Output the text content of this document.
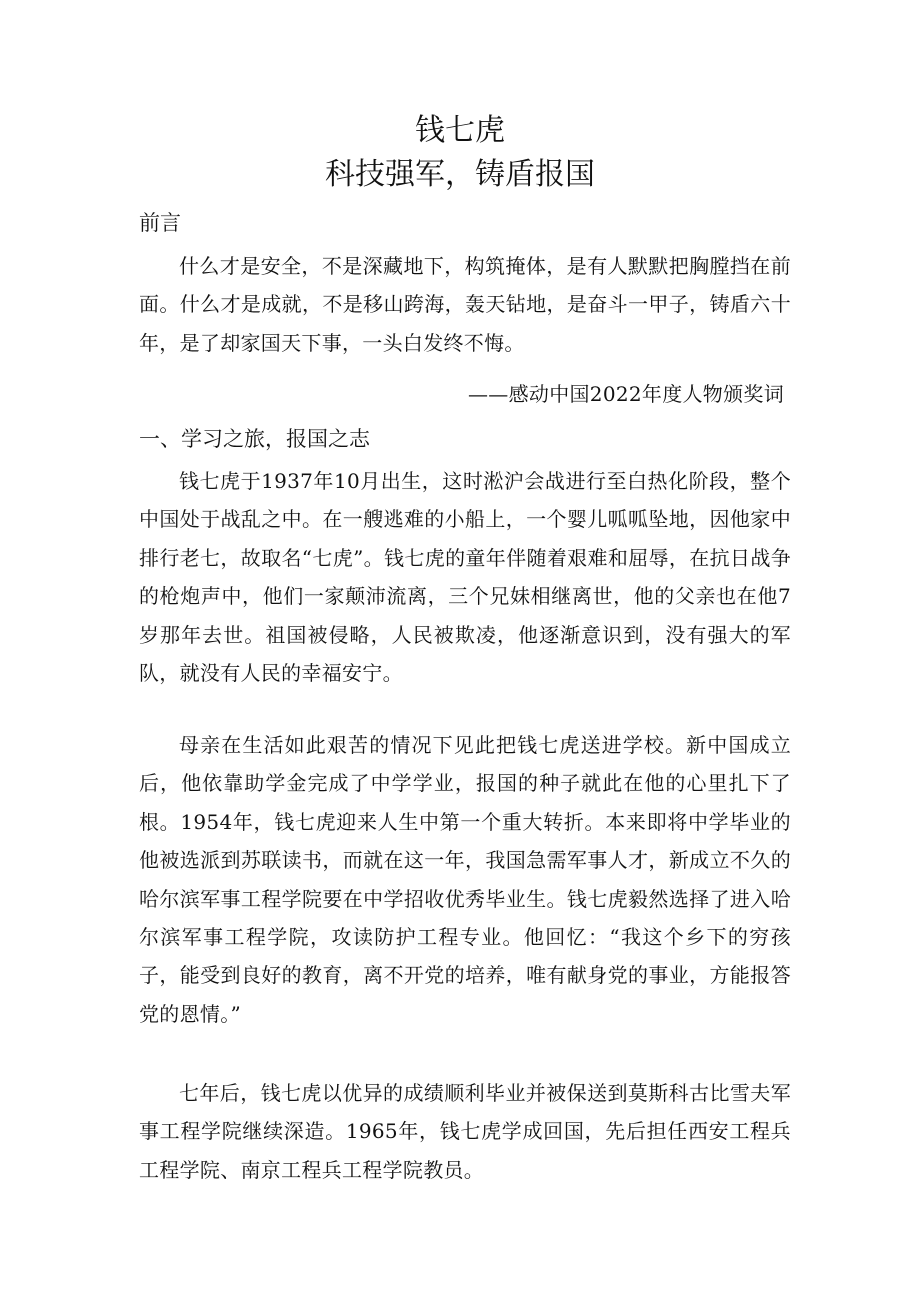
钱七虎
科技强军，铸盾报国
前言

什么才是安全，不是深藏地下，构筑掩体，是有人默默把胸膛挡在前面。什么才是成就，不是移山跨海，轰天钻地，是奋斗一甲子，铸盾六十年，是了却家国天下事，一头白发终不悔。

——感动中国2022年度人物颁奖词

一、学习之旅，报国之志

钱七虎于1937年10月出生，这时淞沪会战进行至白热化阶段，整个中国处于战乱之中。在一艘逃难的小船上，一个婴儿呱呱坠地，因他家中排行老七，故取名“七虎”。钱七虎的童年伴随着艰难和屈辱，在抗日战争的枪炮声中，他们一家颠沛流离，三个兄妹相继离世，他的父亲也在他7岁那年去世。祖国被侵略，人民被欺凌，他逐渐意识到，没有强大的军队，就没有人民的幸福安宁。

母亲在生活如此艰苦的情况下见此把钱七虎送进学校。新中国成立后，他依靠助学金完成了中学学业，报国的种子就此在他的心里扎下了根。1954年，钱七虎迎来人生中第一个重大转折。本来即将中学毕业的他被选派到苏联读书，而就在这一年，我国急需军事人才，新成立不久的哈尔滨军事工程学院要在中学招收优秀毕业生。钱七虎毅然选择了进入哈尔滨军事工程学院，攻读防护工程专业。他回忆：“我这个乡下的穷孩子，能受到良好的教育，离不开党的培养，唯有献身党的事业，方能报答党的恩情。”

七年后，钱七虎以优异的成绩顺利毕业并被保送到莫斯科古比雪夫军事工程学院继续深造。1965年，钱七虎学成回国，先后担任西安工程兵工程学院、南京工程兵工程学院教员。
